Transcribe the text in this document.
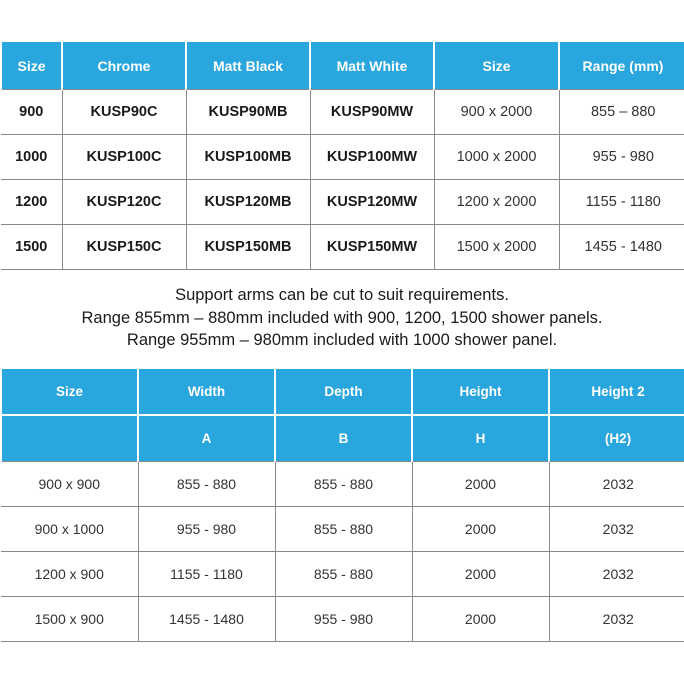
Size	Chrome	Matt Black	Matt White	Size	Range (mm)
900	KUSP90C	KUSP90MB	KUSP90MW	900 x 2000	855 – 880
1000	KUSP100C	KUSP100MB	KUSP100MW	1000 x 2000	955 - 980
1200	KUSP120C	KUSP120MB	KUSP120MW	1200 x 2000	1155 - 1180
1500	KUSP150C	KUSP150MB	KUSP150MW	1500 x 2000	1455 - 1480
Support arms can be cut to suit requirements.
Range 855mm – 880mm included with 900, 1200, 1500 shower panels.
Range 955mm – 980mm included with 1000 shower panel.
Size	Width	Depth	Height	Height 2
	A	B	H	(H2)
900 x 900	855 - 880	855 - 880	2000	2032
900 x 1000	955 - 980	855 - 880	2000	2032
1200 x 900	1155 - 1180	855 - 880	2000	2032
1500 x 900	1455 - 1480	955 - 980	2000	2032
